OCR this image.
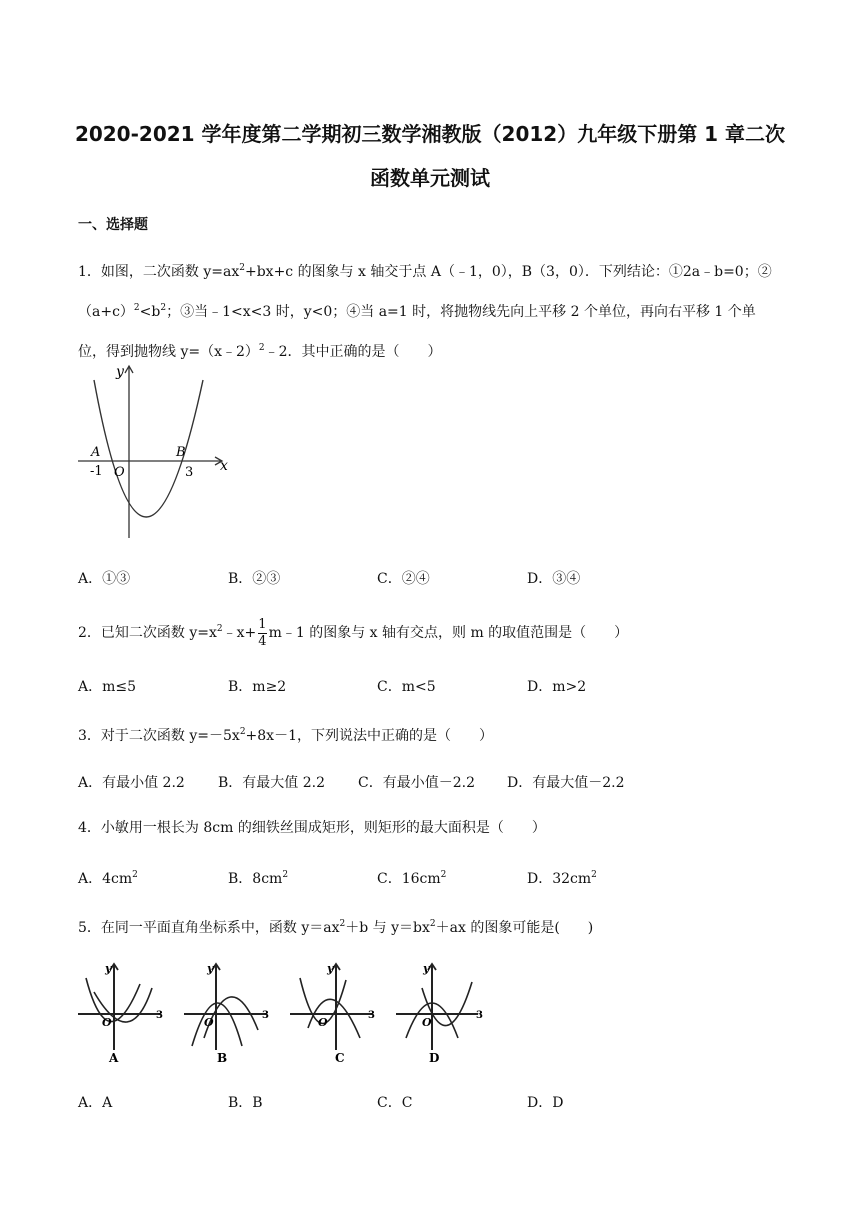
2020-2021 学年度第二学期初三数学湘教版（2012）九年级下册第 1 章二次
函数单元测试
一、选择题
1．如图，二次函数 $y=ax^2+bx+c$ 的图象与 x 轴交于点 A（﹣1，0），B（3，0）．下列结论：①2a﹣b=0；$②(a+c)^2<b^2$；③当﹣1<x<3 时，y<0；④当 a=1 时，将抛物线先向上平移 2 个单位，再向右平移 1 个单位，得到抛物线 y=（x﹣2）$^2$﹣2．其中正确的是（　　）
y
x
A	B
-1 O	3
A．①③	B．②③	C．②④	D．③④
2．已知二次函数 $y=x^2﹣x+ \frac{1}{4}$ m﹣1 的图象与 x 轴有交点，则 m 的取值范围是（　　）
A．m≤5	B．m≥2	C．m<5	D．m>2
3．对于二次函数 $y=-5x^2+8x-1$，下列说法中正确的是（　　）
A．有最小值 2.2 B．有最大值 2.2 C．有最小值－2.2 D．有最大值－2.2
4．小敏用一根长为 8cm 的细铁丝围成矩形，则矩形的最大面积是（　　）
A．$4cm^2$	B．$8cm^2$	C．$16cm^2$	D．$32cm^2$
5．在同一平面直角坐标系中，函数 $y=ax^2+b$ 与 $y=bx^2+ax$ 的图象可能是(　　)
y
O
3
A
y
O
3
B
y
O
3
C
y
O
3
D
A．A	B．B	C．C	D．D
